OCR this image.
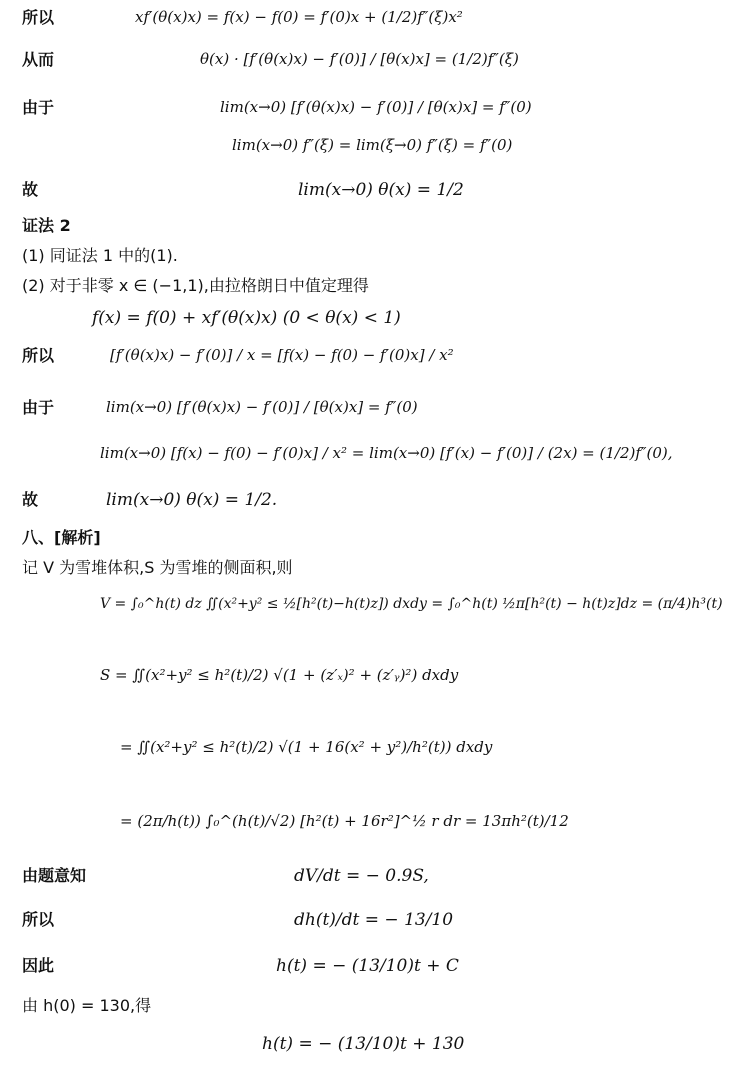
所以	xf′(θ(x)x) = f(x) − f(0) = f′(0)x + (1/2)f″(ξ)x²
从而	θ(x) · [f′(θ(x)x) − f′(0)] / [θ(x)x] = (1/2)f″(ξ)
由于	lim(x→0) [f′(θ(x)x) − f′(0)] / [θ(x)x] = f″(0)
lim(x→0) f″(ξ) = lim(ξ→0) f″(ξ) = f″(0)
故	lim(x→0) θ(x) = 1/2
证法 2
(1) 同证法 1 中的(1).
(2) 对于非零 x ∈ (−1,1),由拉格朗日中值定理得
f(x) = f(0) + xf′(θ(x)x) (0 < θ(x) < 1)
所以	[f′(θ(x)x) − f′(0)] / x = [f(x) − f(0) − f′(0)x] / x²
由于	lim(x→0) [f′(θ(x)x) − f′(0)] / [θ(x)x] = f″(0)
lim(x→0) [f(x) − f(0) − f′(0)x] / x² = lim(x→0) [f′(x) − f′(0)] / (2x) = (1/2)f″(0),
故	lim(x→0) θ(x) = 1/2.
八、[解析]
记 V 为雪堆体积,S 为雪堆的侧面积,则
V = ∫₀^h(t) dz ∬(x²+y² ≤ ½[h²(t)−h(t)z]) dxdy = ∫₀^h(t) ½π[h²(t) − h(t)z]dz = (π/4)h³(t)
S = ∬(x²+y² ≤ h²(t)/2) √(1 + (z′ₓ)² + (z′ᵧ)²) dxdy
= ∬(x²+y² ≤ h²(t)/2) √(1 + 16(x² + y²)/h²(t)) dxdy
= (2π/h(t)) ∫₀^(h(t)/√2) [h²(t) + 16r²]^½ r dr = 13πh²(t)/12
由题意知	dV/dt = − 0.9S,
所以	dh(t)/dt = − 13/10
因此	h(t) = − (13/10)t + C
由 h(0) = 130,得
h(t) = − (13/10)t + 130
